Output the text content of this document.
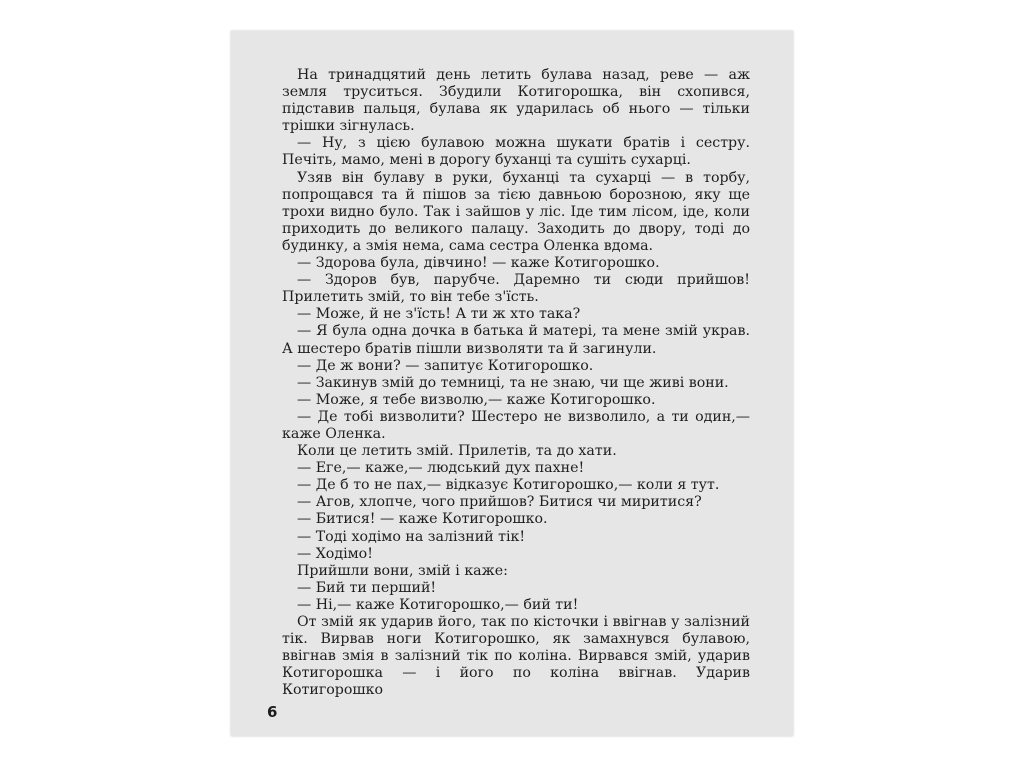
На тринадцятий день летить булава назад, реве — аж земля труситься. Збудили Котигорошка, він схопився, підставив пальця, булава як ударилась об нього — тільки трішки зігнулась.

— Ну, з цією булавою можна шукати братів і сестру. Печіть, мамо, мені в дорогу буханці та сушіть сухарці.

Узяв він булаву в руки, буханці та сухарці — в торбу, попрощався та й пішов за тією давньою борозною, яку ще трохи видно було. Так і зайшов у ліс. Іде тим лісом, іде, коли приходить до великого палацу. Заходить до двору, тоді до будинку, а змія нема, сама сестра Оленка вдома.

— Здорова була, дівчино! — каже Котигорошко.

— Здоров був, парубче. Даремно ти сюди прийшов! Прилетить змій, то він тебе з'їсть.

— Може, й не з'їсть! А ти ж хто така?

— Я була одна дочка в батька й матері, та мене змій украв. А шестеро братів пішли визволяти та й загинули.

— Де ж вони? — запитує Котигорошко.

— Закинув змій до темниці, та не знаю, чи ще живі вони.

— Може, я тебе визволю,— каже Котигорошко.

— Де тобі визволити? Шестеро не визволило, а ти один,— каже Оленка.

Коли це летить змій. Прилетів, та до хати.

— Еге,— каже,— людський дух пахне!

— Де б то не пах,— відказує Котигорошко,— коли я тут.

— Агов, хлопче, чого прийшов? Битися чи миритися?

— Битися! — каже Котигорошко.

— Тоді ходімо на залізний тік!

— Ходімо!

Прийшли вони, змій і каже:

— Бий ти перший!

— Ні,— каже Котигорошко,— бий ти!

От змій як ударив його, так по кісточки і ввігнав у залізний тік. Вирвав ноги Котигорошко, як замахнувся булавою, ввігнав змія в залізний тік по коліна. Вирвався змій, ударив Котигорошка — і його по коліна ввігнав. Ударив Котигорошко

6
